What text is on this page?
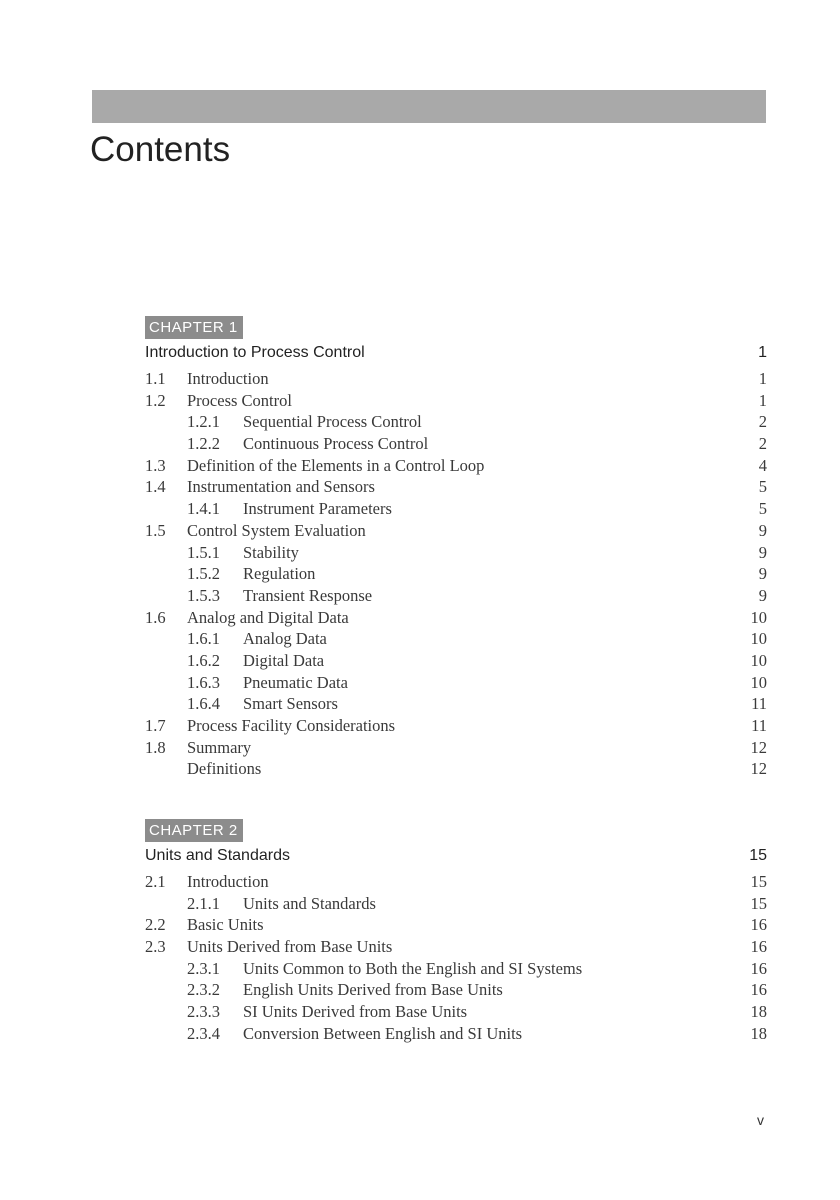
Contents
CHAPTER 1
Introduction to Process Control	1
1.1	Introduction	1
1.2	Process Control	1
1.2.1	Sequential Process Control	2
1.2.2	Continuous Process Control	2
1.3	Definition of the Elements in a Control Loop	4
1.4	Instrumentation and Sensors	5
1.4.1	Instrument Parameters	5
1.5	Control System Evaluation	9
1.5.1	Stability	9
1.5.2	Regulation	9
1.5.3	Transient Response	9
1.6	Analog and Digital Data	10
1.6.1	Analog Data	10
1.6.2	Digital Data	10
1.6.3	Pneumatic Data	10
1.6.4	Smart Sensors	11
1.7	Process Facility Considerations	11
1.8	Summary	12
Definitions	12
CHAPTER 2
Units and Standards	15
2.1	Introduction	15
2.1.1	Units and Standards	15
2.2	Basic Units	16
2.3	Units Derived from Base Units	16
2.3.1	Units Common to Both the English and SI Systems	16
2.3.2	English Units Derived from Base Units	16
2.3.3	SI Units Derived from Base Units	18
2.3.4	Conversion Between English and SI Units	18
v
